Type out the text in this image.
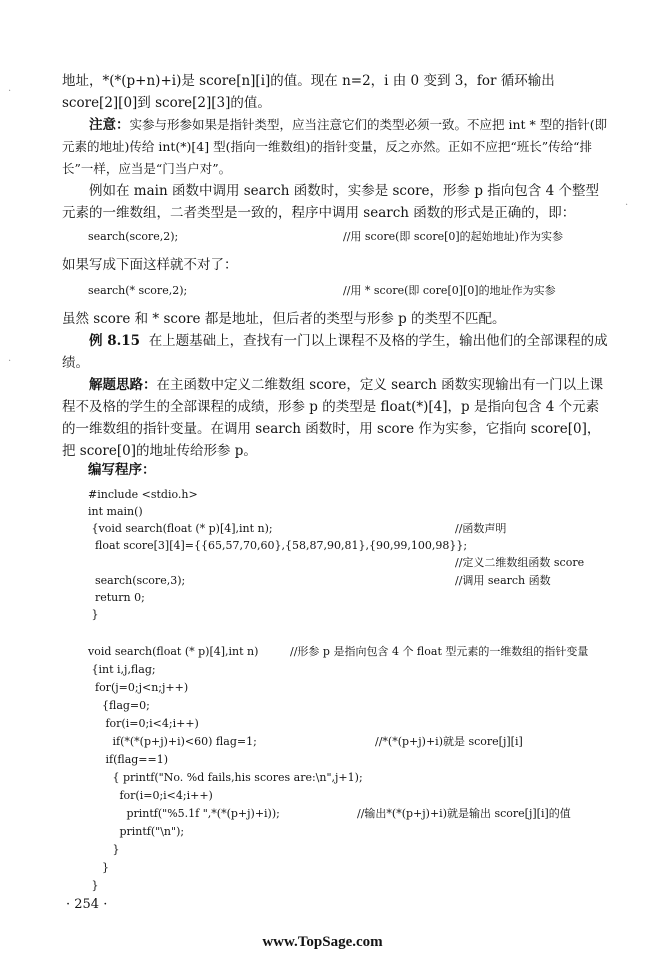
地址，*(*(p+n)+i)是 score[n][i]的值。现在 n=2，i 由 0 变到 3，for 循环输出 score[2][0]到 score[2][3]的值。

注意：实参与形参如果是指针类型，应当注意它们的类型必须一致。不应把 int * 型的指针(即元素的地址)传给 int(*)[4] 型(指向一维数组)的指针变量，反之亦然。正如不应把“班长”传给“排长”一样，应当是“门当户对”。

例如在 main 函数中调用 search 函数时，实参是 score，形参 p 指向包含 4 个整型元素的一维数组，二者类型是一致的，程序中调用 search 函数的形式是正确的，即：

search(score,2);	//用 score(即 score[0]的起始地址)作为实参

如果写成下面这样就不对了：

search(* score,2);	//用 * score(即 core[0][0]的地址作为实参

虽然 score 和 * score 都是地址，但后者的类型与形参 p 的类型不匹配。

例 8.15 在上题基础上，查找有一门以上课程不及格的学生，输出他们的全部课程的成绩。

解题思路：在主函数中定义二维数组 score，定义 search 函数实现输出有一门以上课程不及格的学生的全部课程的成绩，形参 p 的类型是 float(*)[4]，p 是指向包含 4 个元素的一维数组的指针变量。在调用 search 函数时，用 score 作为实参，它指向 score[0]，把 score[0]的地址传给形参 p。

编写程序：

#include <stdio.h>
int main()
{void search(float (* p)[4],int n);	//函数声明
float score[3][4]={{65,57,70,60},{58,87,90,81},{90,99,100,98}};
//定义二维数组函数 score
search(score,3);	//调用 search 函数
return 0;
}
void search(float (* p)[4],int n)	//形参 p 是指向包含 4 个 float 型元素的一维数组的指针变量
{int i,j,flag;
for(j=0;j<n;j++)
{flag=0;
for(i=0;i<4;i++)
if(*(*(p+j)+i)<60) flag=1;	//*(*(p+j)+i)就是 score[j][i]
if(flag==1)
{ printf("No. %d fails,his scores are:\n",j+1);
for(i=0;i<4;i++)
printf("%5.1f ",*(*(p+j)+i));	//输出*(*(p+j)+i)就是输出 score[j][i]的值
printf("\n");
}
}
}
· 254 ·
www.TopSage.com
·
·
·
